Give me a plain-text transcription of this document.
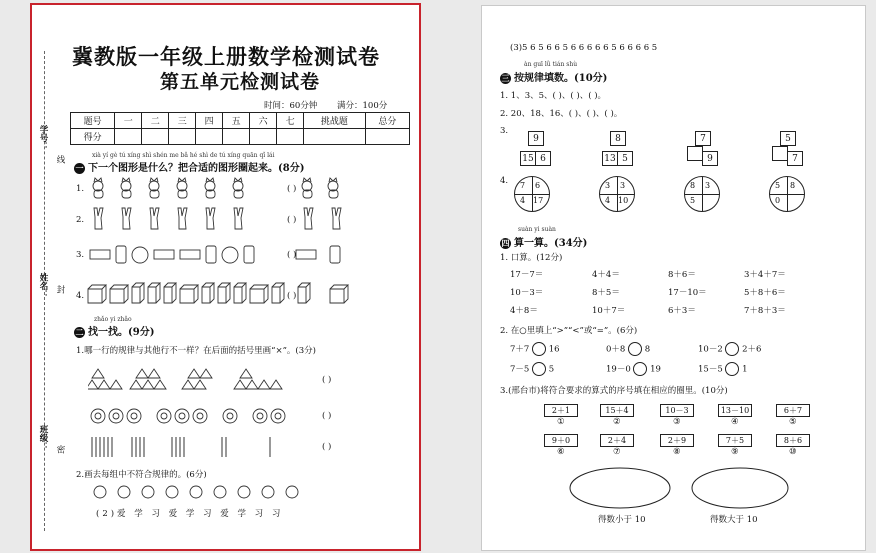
学号：
线
姓名： 封
班级： 密
冀教版一年级上册数学检测试卷
第五单元检测试卷
时间：60分钟 满分：100分
题号	一	二	三	四	五	六	七	挑战题	总分
得分									
xià yí gè tú xíng shì shén me bǎ hé shì de tú xíng quān qǐ lái
一 下一个图形是什么？把合适的图形圈起来。(8分)
1.	( )
2.	( )
3.	( )
4.	( )
zhǎo yi zhǎo
二 找一找。(9分)
1.哪一行的规律与其他行不一样？在后面的括号里画“×”。(3分)
( )
( )
( )
2.画去每组中不符合规律的。(6分)
(2)爱 学 习 爱 学 习 爱 学 习 习
(3)5 6 5 6 6 5 6 6 6 6 6 5 6 6 6 6 5
àn guī lǜ tián shù
三 按规律填数。(10分)
1. 1、3、5、( )、( )、( )。
2. 20、18、16、( )、( )、( )。
3.
9
15 6
8
13 5
7
9
5
7
4. 7 6
4 17
3 3
4 10
8 3
5
5 8
0
suàn yi suàn
四 算一算。(34分)
1. 口算。(12分)
17－7＝	4＋4＝	8＋6＝	3＋4＋7＝
10－3＝	8＋5＝	17－10＝	5＋8＋6＝
4＋8＝	10＋7＝	6＋3＝	7＋8＋3＝
2. 在○里填上“>”“<”或“=”。(6分)
7＋7 16	0＋8 8	10－2 2＋6
7－5 5	19－0 19	15－5 1
3.(邢台市)将符合要求的算式的序号填在相应的圈里。(10分)
2＋1
①
15＋4
②
10－3
③
13－10
④
6＋7
⑤
9＋0
⑥
2＋4
⑦
2＋9
⑧
7＋5
⑨
8＋6
⑩
得数小于 10	得数大于 10
